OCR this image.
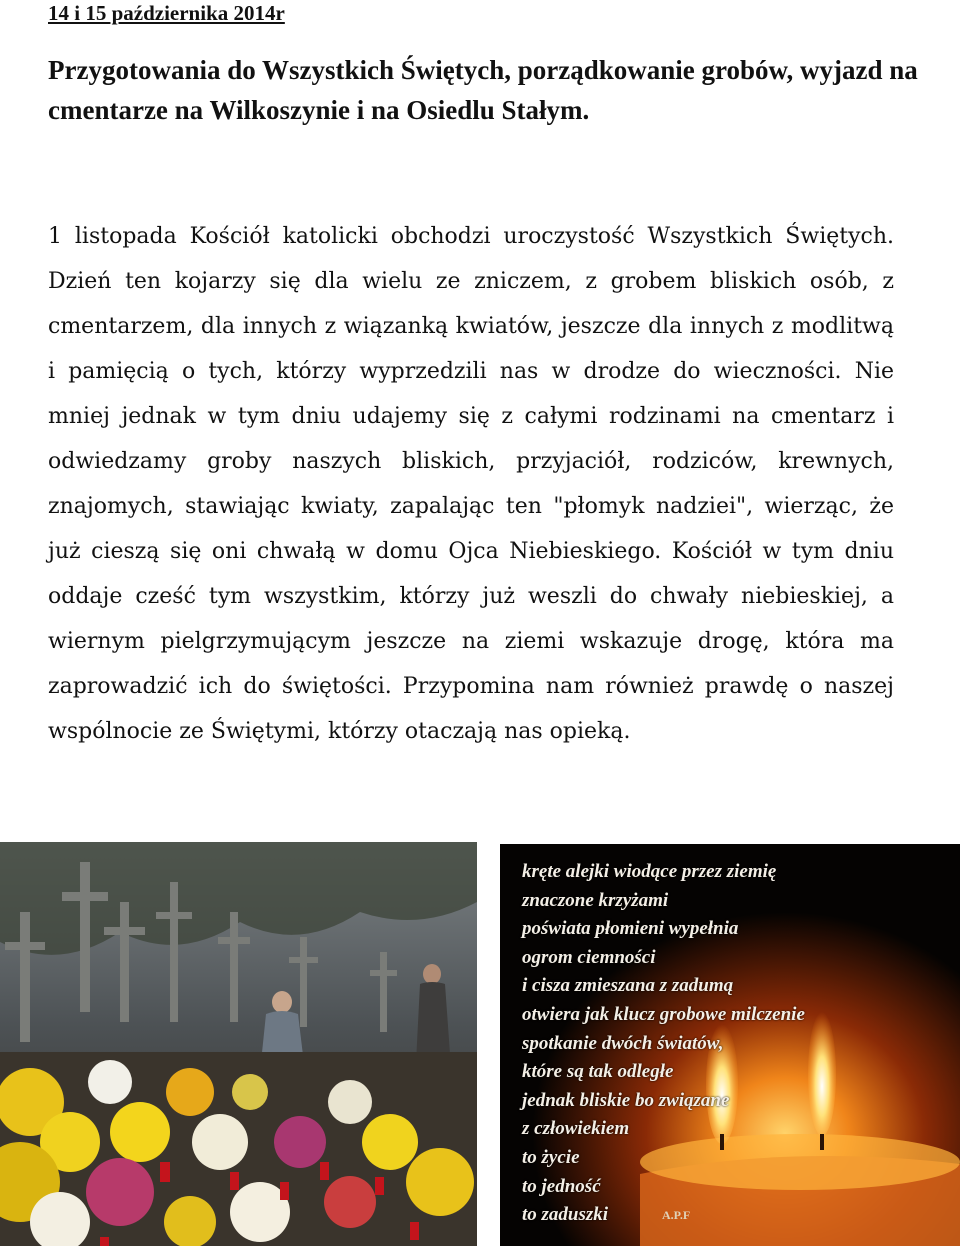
14 i 15 października 2014r
Przygotowania do Wszystkich Świętych, porządkowanie grobów, wyjazd na cmentarze na Wilkoszynie i na Osiedlu Stałym.

1 listopada Kościół katolicki obchodzi uroczystość Wszystkich Świętych. Dzień ten kojarzy się dla wielu ze zniczem, z grobem bliskich osób, z cmentarzem, dla innych z wiązanką kwiatów, jeszcze dla innych z modlitwą i pamięcią o tych, którzy wyprzedzili nas w drodze do wieczności. Nie mniej jednak w tym dniu udajemy się z całymi rodzinami na cmentarz i odwiedzamy groby naszych bliskich, przyjaciół, rodziców, krewnych, znajomych, stawiając kwiaty, zapalając ten "płomyk nadziei", wierząc, że już cieszą się oni chwałą w domu Ojca Niebieskiego. Kościół w tym dniu oddaje cześć tym wszystkim, którzy już weszli do chwały niebieskiej, a wiernym pielgrzymującym jeszcze na ziemi wskazuje drogę, która ma zaprowadzić ich do świętości. Przypomina nam również prawdę o naszej wspólnocie ze Świętymi, którzy otaczają nas opieką.

kręte alejki wiodące przez ziemię
znaczone krzyżami
poświata płomieni wypełnia
ogrom ciemności
i cisza zmieszana z zadumą
otwiera jak klucz grobowe milczenie
spotkanie dwóch światów,
które są tak odległe
jednak bliskie bo związane
z człowiekiem
to życie
to jedność
to zaduszki	A.P.F
